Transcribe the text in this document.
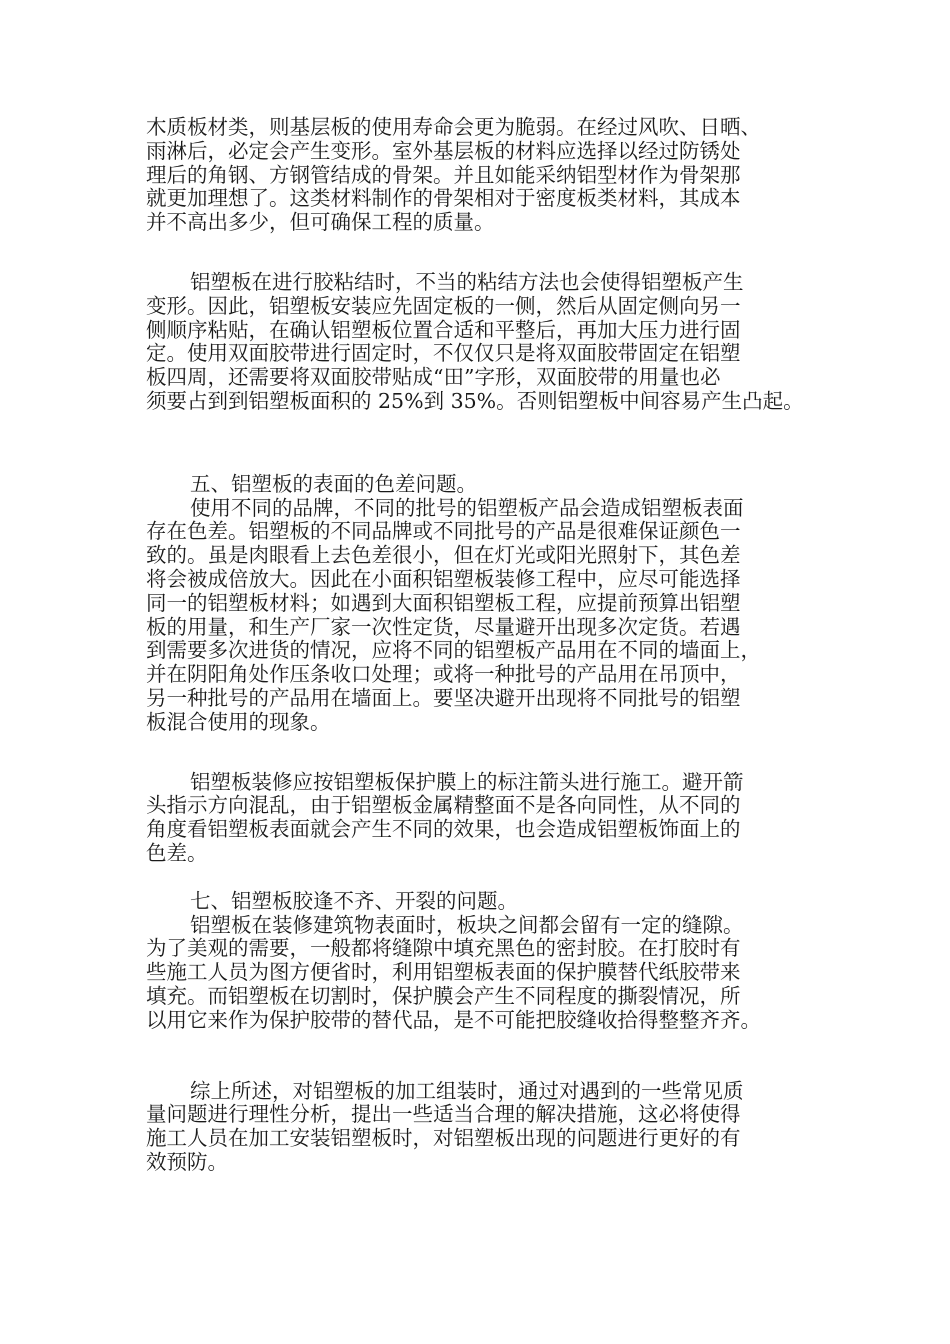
木质板材类，则基层板的使用寿命会更为脆弱。在经过风吹、日晒、
雨淋后，必定会产生变形。室外基层板的材料应选择以经过防锈处
理后的角钢、方钢管结成的骨架。并且如能采纳铝型材作为骨架那
就更加理想了。这类材料制作的骨架相对于密度板类材料，其成本
并不高出多少，但可确保工程的质量。
铝塑板在进行胶粘结时，不当的粘结方法也会使得铝塑板产生
变形。因此，铝塑板安装应先固定板的一侧，然后从固定侧向另一
侧顺序粘贴，在确认铝塑板位置合适和平整后，再加大压力进行固
定。使用双面胶带进行固定时，不仅仅只是将双面胶带固定在铝塑
板四周，还需要将双面胶带贴成“田”字形，双面胶带的用量也必
须要占到到铝塑板面积的 25%到 35%。否则铝塑板中间容易产生凸起。
五、铝塑板的表面的色差问题。
使用不同的品牌，不同的批号的铝塑板产品会造成铝塑板表面
存在色差。铝塑板的不同品牌或不同批号的产品是很难保证颜色一
致的。虽是肉眼看上去色差很小，但在灯光或阳光照射下，其色差
将会被成倍放大。因此在小面积铝塑板装修工程中，应尽可能选择
同一的铝塑板材料；如遇到大面积铝塑板工程，应提前预算出铝塑
板的用量，和生产厂家一次性定货，尽量避开出现多次定货。若遇
到需要多次进货的情况，应将不同的铝塑板产品用在不同的墙面上，
并在阴阳角处作压条收口处理；或将一种批号的产品用在吊顶中，
另一种批号的产品用在墙面上。要坚决避开出现将不同批号的铝塑
板混合使用的现象。
铝塑板装修应按铝塑板保护膜上的标注箭头进行施工。避开箭
头指示方向混乱，由于铝塑板金属精整面不是各向同性，从不同的
角度看铝塑板表面就会产生不同的效果，也会造成铝塑板饰面上的
色差。
七、铝塑板胶逢不齐、开裂的问题。
铝塑板在装修建筑物表面时，板块之间都会留有一定的缝隙。
为了美观的需要，一般都将缝隙中填充黑色的密封胶。在打胶时有
些施工人员为图方便省时，利用铝塑板表面的保护膜替代纸胶带来
填充。而铝塑板在切割时，保护膜会产生不同程度的撕裂情况，所
以用它来作为保护胶带的替代品，是不可能把胶缝收拾得整整齐齐。
综上所述，对铝塑板的加工组装时，通过对遇到的一些常见质
量问题进行理性分析，提出一些适当合理的解决措施，这必将使得
施工人员在加工安装铝塑板时，对铝塑板出现的问题进行更好的有
效预防。
